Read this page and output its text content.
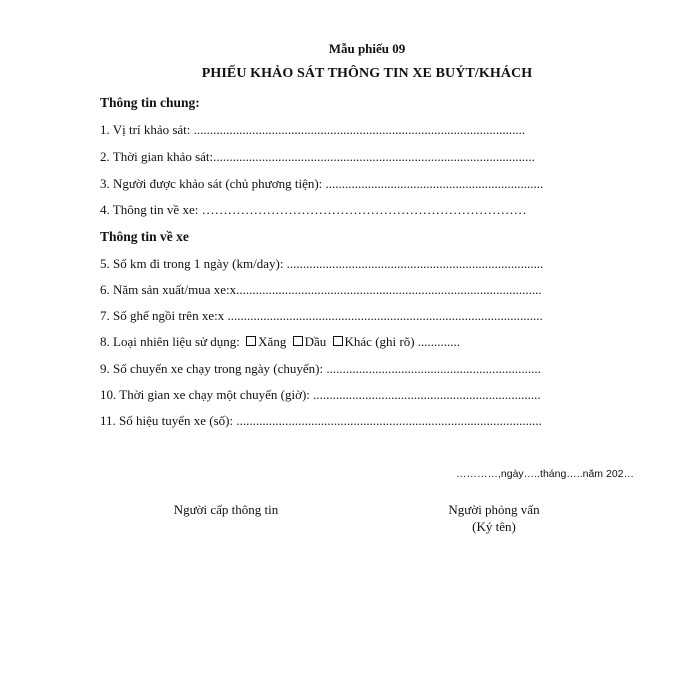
Mẫu phiếu 09
PHIẾU KHẢO SÁT THÔNG TIN XE BUÝT/KHÁCH
Thông tin chung:
1. Vị trí khảo sát: ......................................................................................................
2. Thời gian khảo sát:...................................................................................................
3. Người được khảo sát (chủ phương tiện): ...................................................................
4. Thông tin về xe: …………………………………………………………………
Thông tin về xe
5. Số km đi trong 1 ngày (km/day): ...............................................................................
6. Năm sản xuất/mua xe:x..............................................................................................
7. Số ghế ngồi trên xe:x .................................................................................................
8. Loại nhiên liệu sử dụng: Xăng Dầu Khác (ghi rõ) .............
9. Số chuyến xe chạy trong ngày (chuyến): ..................................................................
10. Thời gian xe chạy một chuyến (giờ): ......................................................................
11. Số hiệu tuyến xe (số): ..............................................................................................
…………,ngày…..tháng…..năm 202…
Người cấp thông tin	Người phỏng vấn
(Ký tên)
